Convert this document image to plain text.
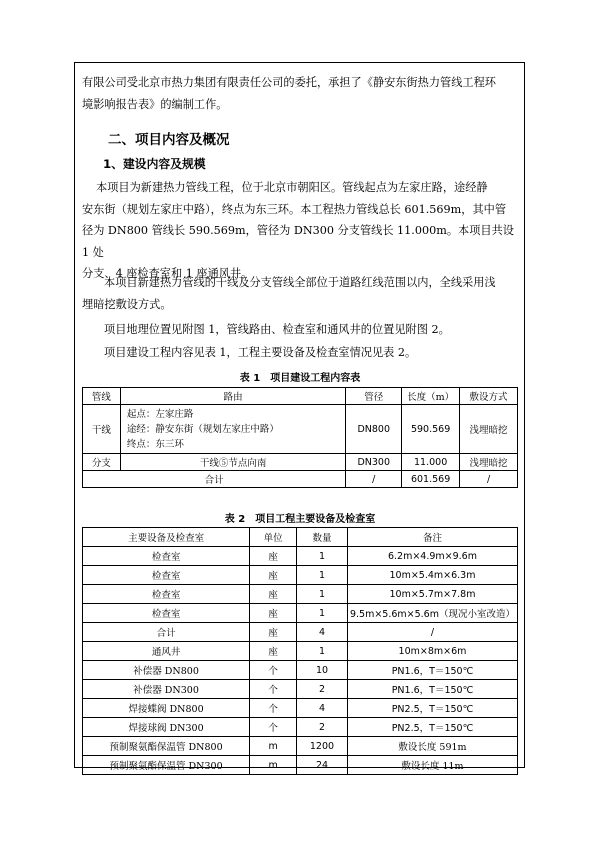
有限公司受北京市热力集团有限责任公司的委托，承担了《静安东街热力管线工程环
境影响报告表》的编制工作。

二、项目内容及概况
1、建设内容及规模

本项目为新建热力管线工程，位于北京市朝阳区。管线起点为左家庄路，途经静
安东街（规划左家庄中路），终点为东三环。本工程热力管线总长 601.569m，其中管
径为 DN800 管线长 590.569m，管径为 DN300 分支管线长 11.000m。本项目共设 1 处
分支、4 座检查室和 1 座通风井。

本项目新建热力管线的干线及分支管线全部位于道路红线范围以内，全线采用浅
埋暗挖敷设方式。

项目地理位置见附图 1，管线路由、检查室和通风井的位置见附图 2。

项目建设工程内容见表 1，工程主要设备及检查室情况见表 2。

表 1　项目建设工程内容表
管线	路由	管径	长度（m）	敷设方式
干线	起点：左家庄路
途经：静安东街（规划左家庄中路）
终点：东三环	DN800	590.569	浅埋暗挖
分支	干线⑤节点向南	DN300	11.000	浅埋暗挖
合计		/	601.569	/
表 2　项目工程主要设备及检查室
主要设备及检查室	单位	数量	备注
检查室	座	1	6.2m×4.9m×9.6m
检查室	座	1	10m×5.4m×6.3m
检查室	座	1	10m×5.7m×7.8m
检查室	座	1	9.5m×5.6m×5.6m（现况小室改造）
合计	座	4	/
通风井	座	1	10m×8m×6m
补偿器 DN800	个	10	PN1.6，T＝150℃
补偿器 DN300	个	2	PN1.6，T＝150℃
焊接蝶阀 DN800	个	4	PN2.5，T＝150℃
焊接球阀 DN300	个	2	PN2.5，T＝150℃
预制聚氨酯保温管 DN800	m	1200	敷设长度 591m
预制聚氨酯保温管 DN300	m	24	敷设长度 11m
